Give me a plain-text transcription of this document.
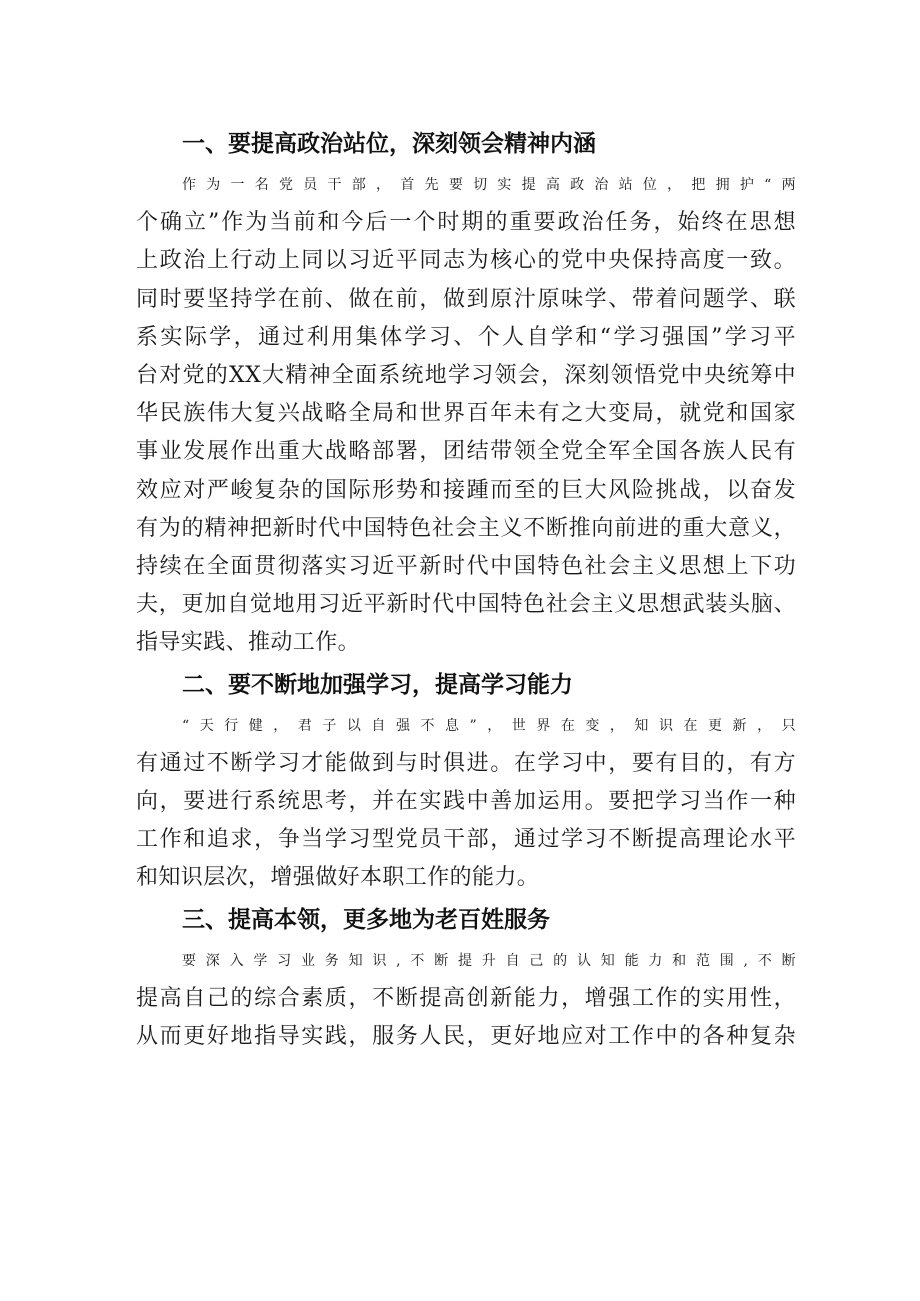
一、要提高政治站位，深刻领会精神内涵
作为一名党员干部，首先要切实提高政治站位，把拥护“两
个确立”作为当前和今后一个时期的重要政治任务，始终在思想
上政治上行动上同以习近平同志为核心的党中央保持高度一致。
同时要坚持学在前、做在前，做到原汁原味学、带着问题学、联
系实际学，通过利用集体学习、个人自学和“学习强国”学习平
台对党的XX大精神全面系统地学习领会，深刻领悟党中央统筹中
华民族伟大复兴战略全局和世界百年未有之大变局，就党和国家
事业发展作出重大战略部署，团结带领全党全军全国各族人民有
效应对严峻复杂的国际形势和接踵而至的巨大风险挑战，以奋发
有为的精神把新时代中国特色社会主义不断推向前进的重大意义，
持续在全面贯彻落实习近平新时代中国特色社会主义思想上下功
夫，更加自觉地用习近平新时代中国特色社会主义思想武装头脑、
指导实践、推动工作。
二、要不断地加强学习，提高学习能力
“天行健，君子以自强不息”，世界在变，知识在更新，只
有通过不断学习才能做到与时俱进。在学习中，要有目的，有方
向，要进行系统思考，并在实践中善加运用。要把学习当作一种
工作和追求，争当学习型党员干部，通过学习不断提高理论水平
和知识层次，增强做好本职工作的能力。
三、提高本领，更多地为老百姓服务
要深入学习业务知识,不断提升自己的认知能力和范围,不断
提高自己的综合素质，不断提高创新能力，增强工作的实用性，
从而更好地指导实践，服务人民，更好地应对工作中的各种复杂
